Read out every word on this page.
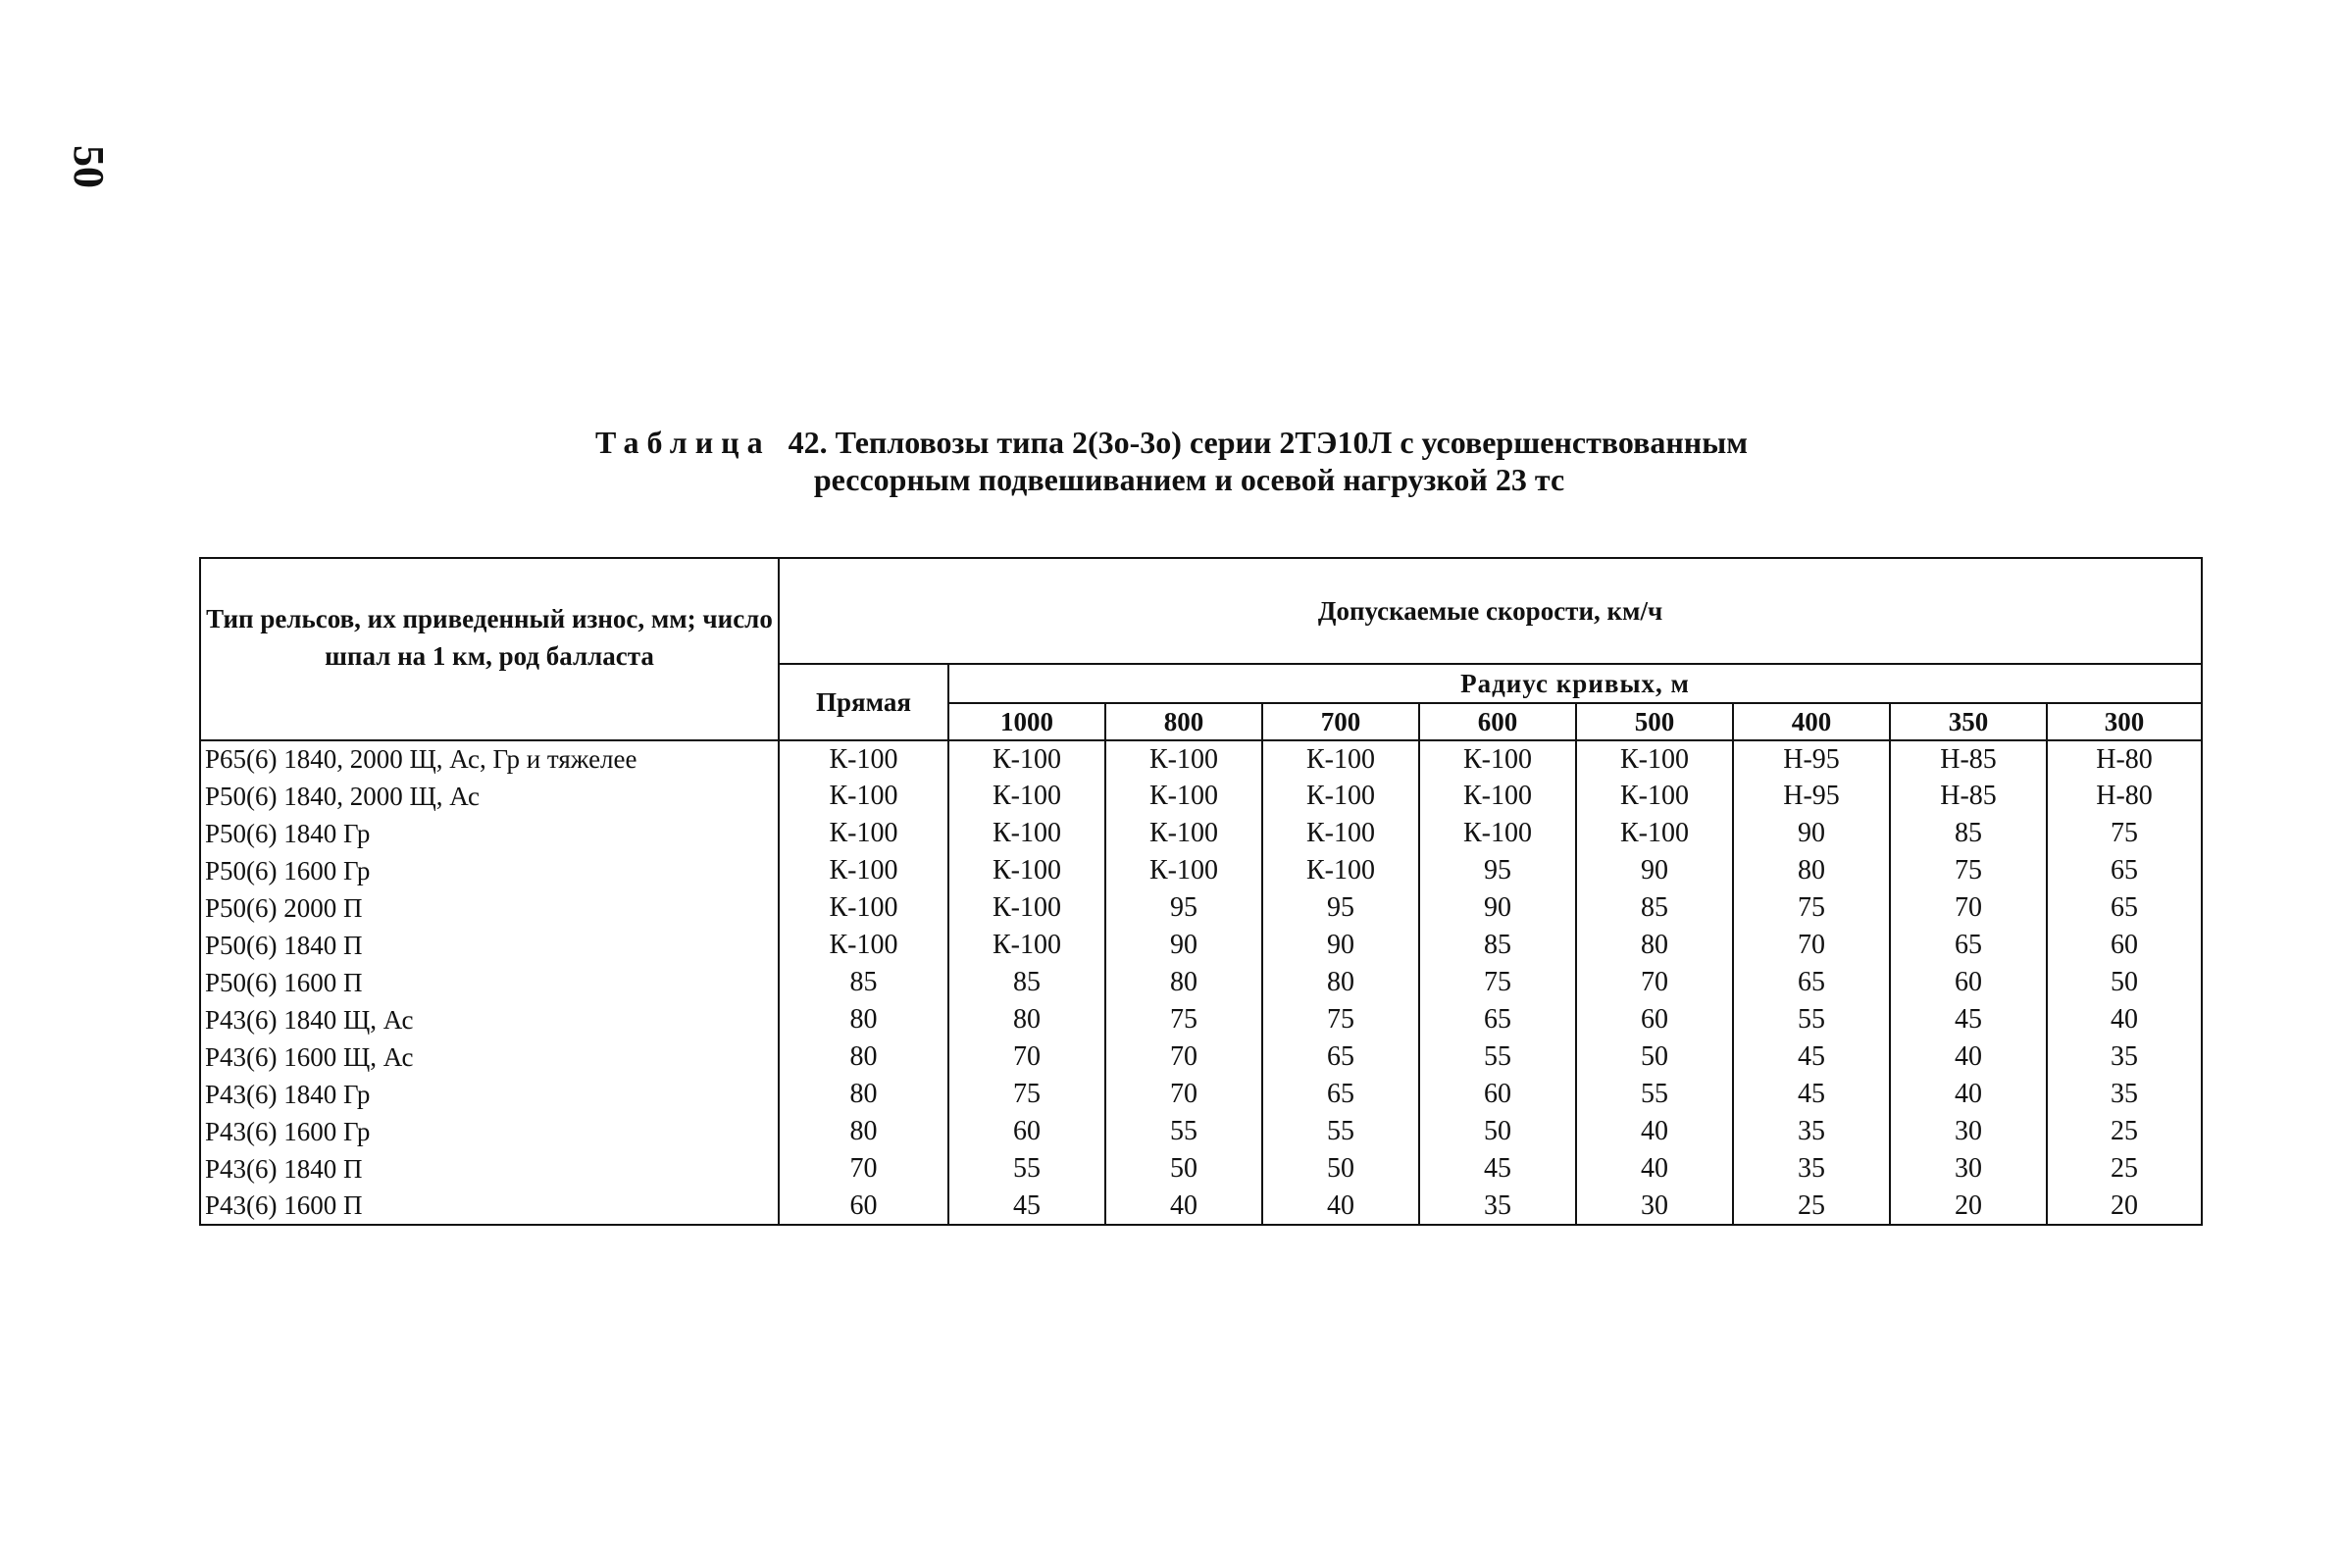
50
Таблица 42. Тепловозы типа 2(3о-3о) серии 2ТЭ10Л с усовершенствованным
рессорным подвешиванием и осевой нагрузкой 23 тс
Тип рельсов, их приведенный износ, мм; число шпал на 1 км, род балласта	Допускаемые скорости, км/ч								
	Прямая	Радиус кривых, м							
		1000	800	700	600	500	400	350	300
Р65(6) 1840, 2000 Щ, Ас, Гр и тяжелее	К-100	К-100	К-100	К-100	К-100	К-100	Н-95	Н-85	Н-80
Р50(6) 1840, 2000 Щ, Ас	К-100	К-100	К-100	К-100	К-100	К-100	Н-95	Н-85	Н-80
Р50(6) 1840 Гр	К-100	К-100	К-100	К-100	К-100	К-100	90	85	75
Р50(6) 1600 Гр	К-100	К-100	К-100	К-100	95	90	80	75	65
Р50(6) 2000 П	К-100	К-100	95	95	90	85	75	70	65
Р50(6) 1840 П	К-100	К-100	90	90	85	80	70	65	60
Р50(6) 1600 П	85	85	80	80	75	70	65	60	50
Р43(6) 1840 Щ, Ас	80	80	75	75	65	60	55	45	40
Р43(6) 1600 Щ, Ас	80	70	70	65	55	50	45	40	35
Р43(6) 1840 Гр	80	75	70	65	60	55	45	40	35
Р43(6) 1600 Гр	80	60	55	55	50	40	35	30	25
Р43(6) 1840 П	70	55	50	50	45	40	35	30	25
Р43(6) 1600 П	60	45	40	40	35	30	25	20	20
